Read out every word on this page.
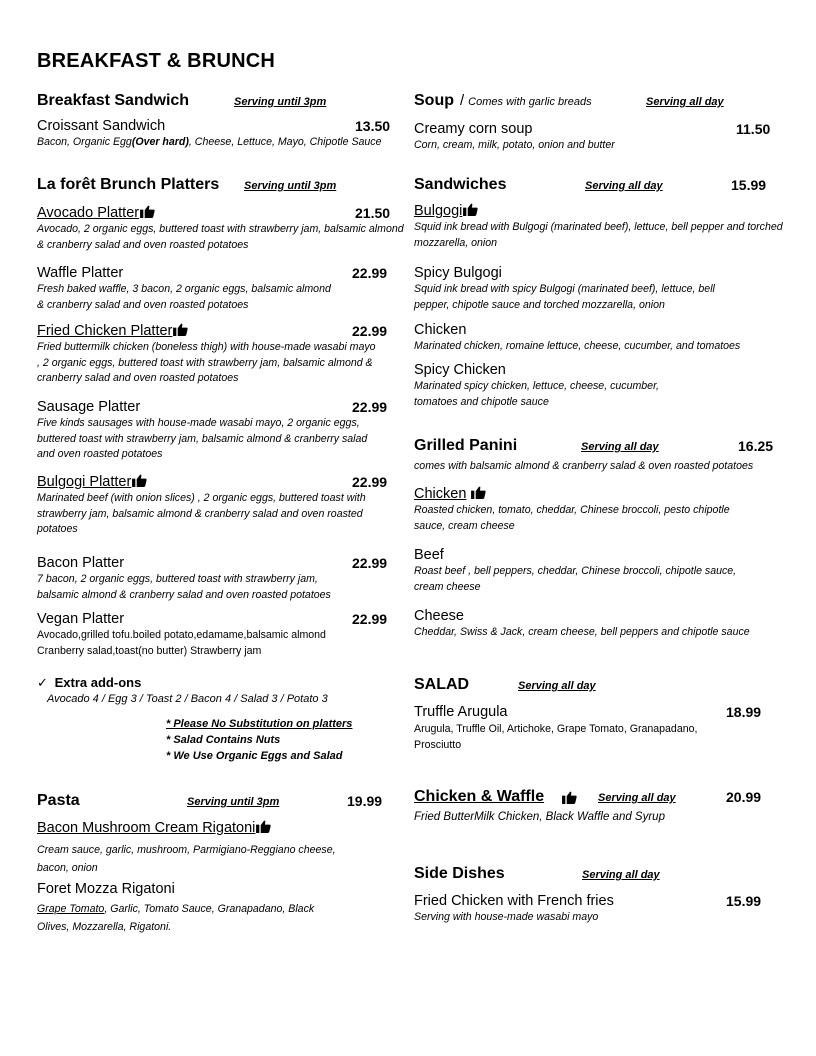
BREAKFAST & BRUNCH
Breakfast Sandwich	Serving until 3pm
Croissant Sandwich	13.50
Bacon, Organic Egg(Over hard), Cheese, Lettuce, Mayo, Chipotle Sauce
La forêt Brunch Platters Serving until 3pm
Avocado Platter	21.50
Avocado, 2 organic eggs, buttered toast with strawberry jam, balsamic almond & cranberry salad and oven roasted potatoes
Waffle Platter	22.99
Fresh baked waffle, 3 bacon, 2 organic eggs, balsamic almond & cranberry salad and oven roasted potatoes
Fried Chicken Platter	22.99
Fried buttermilk chicken (boneless thigh) with house-made wasabi mayo , 2 organic eggs, buttered toast with strawberry jam, balsamic almond & cranberry salad and oven roasted potatoes
Sausage Platter	22.99
Five kinds sausages with house-made wasabi mayo, 2 organic eggs, buttered toast with strawberry jam, balsamic almond & cranberry salad and oven roasted potatoes
Bulgogi Platter	22.99
Marinated beef (with onion slices) , 2 organic eggs, buttered toast with strawberry jam, balsamic almond & cranberry salad and oven roasted potatoes
Bacon Platter	22.99
7 bacon, 2 organic eggs, buttered toast with strawberry jam, balsamic almond & cranberry salad and oven roasted potatoes
Vegan Platter	22.99
Avocado,grilled tofu.boiled potato,edamame,balsamic almond Cranberry salad,toast(no butter) Strawberry jam
✓ Extra add-ons
Avocado 4 / Egg 3 / Toast 2 / Bacon 4 / Salad 3 / Potato 3
* Please No Substitution on platters
* Salad Contains Nuts
* We Use Organic Eggs and Salad
Pasta	Serving until 3pm	19.99
Bacon Mushroom Cream Rigatoni
Cream sauce, garlic, mushroom, Parmigiano-Reggiano cheese, bacon, onion
Foret Mozza Rigatoni
Grape Tomato, Garlic, Tomato Sauce, Granapadano, Black Olives, Mozzarella, Rigatoni.
Soup / Comes with garlic breads	Serving all day
Creamy corn soup	11.50
Corn, cream, milk, potato, onion and butter
Sandwiches	Serving all day	15.99
Bulgogi
Squid ink bread with Bulgogi (marinated beef), lettuce, bell pepper and torched mozzarella, onion
Spicy Bulgogi
Squid ink bread with spicy Bulgogi (marinated beef), lettuce, bell pepper, chipotle sauce and torched mozzarella, onion
Chicken
Marinated chicken, romaine lettuce, cheese, cucumber, and tomatoes
Spicy Chicken
Marinated spicy chicken, lettuce, cheese, cucumber, tomatoes and chipotle sauce
Grilled Panini	Serving all day	16.25
comes with balsamic almond & cranberry salad & oven roasted potatoes
Chicken
Roasted chicken, tomato, cheddar, Chinese broccoli, pesto chipotle sauce, cream cheese
Beef
Roast beef , bell peppers, cheddar, Chinese broccoli, chipotle sauce, cream cheese
Cheese
Cheddar, Swiss & Jack, cream cheese, bell peppers and chipotle sauce
SALAD	Serving all day
Truffle Arugula	18.99
Arugula, Truffle Oil, Artichoke, Grape Tomato, Granapadano, Prosciutto
Chicken & Waffle	Serving all day	20.99
Fried ButterMilk Chicken, Black Waffle and Syrup
Side Dishes	Serving all day
Fried Chicken with French fries	15.99
Serving with house-made wasabi mayo
